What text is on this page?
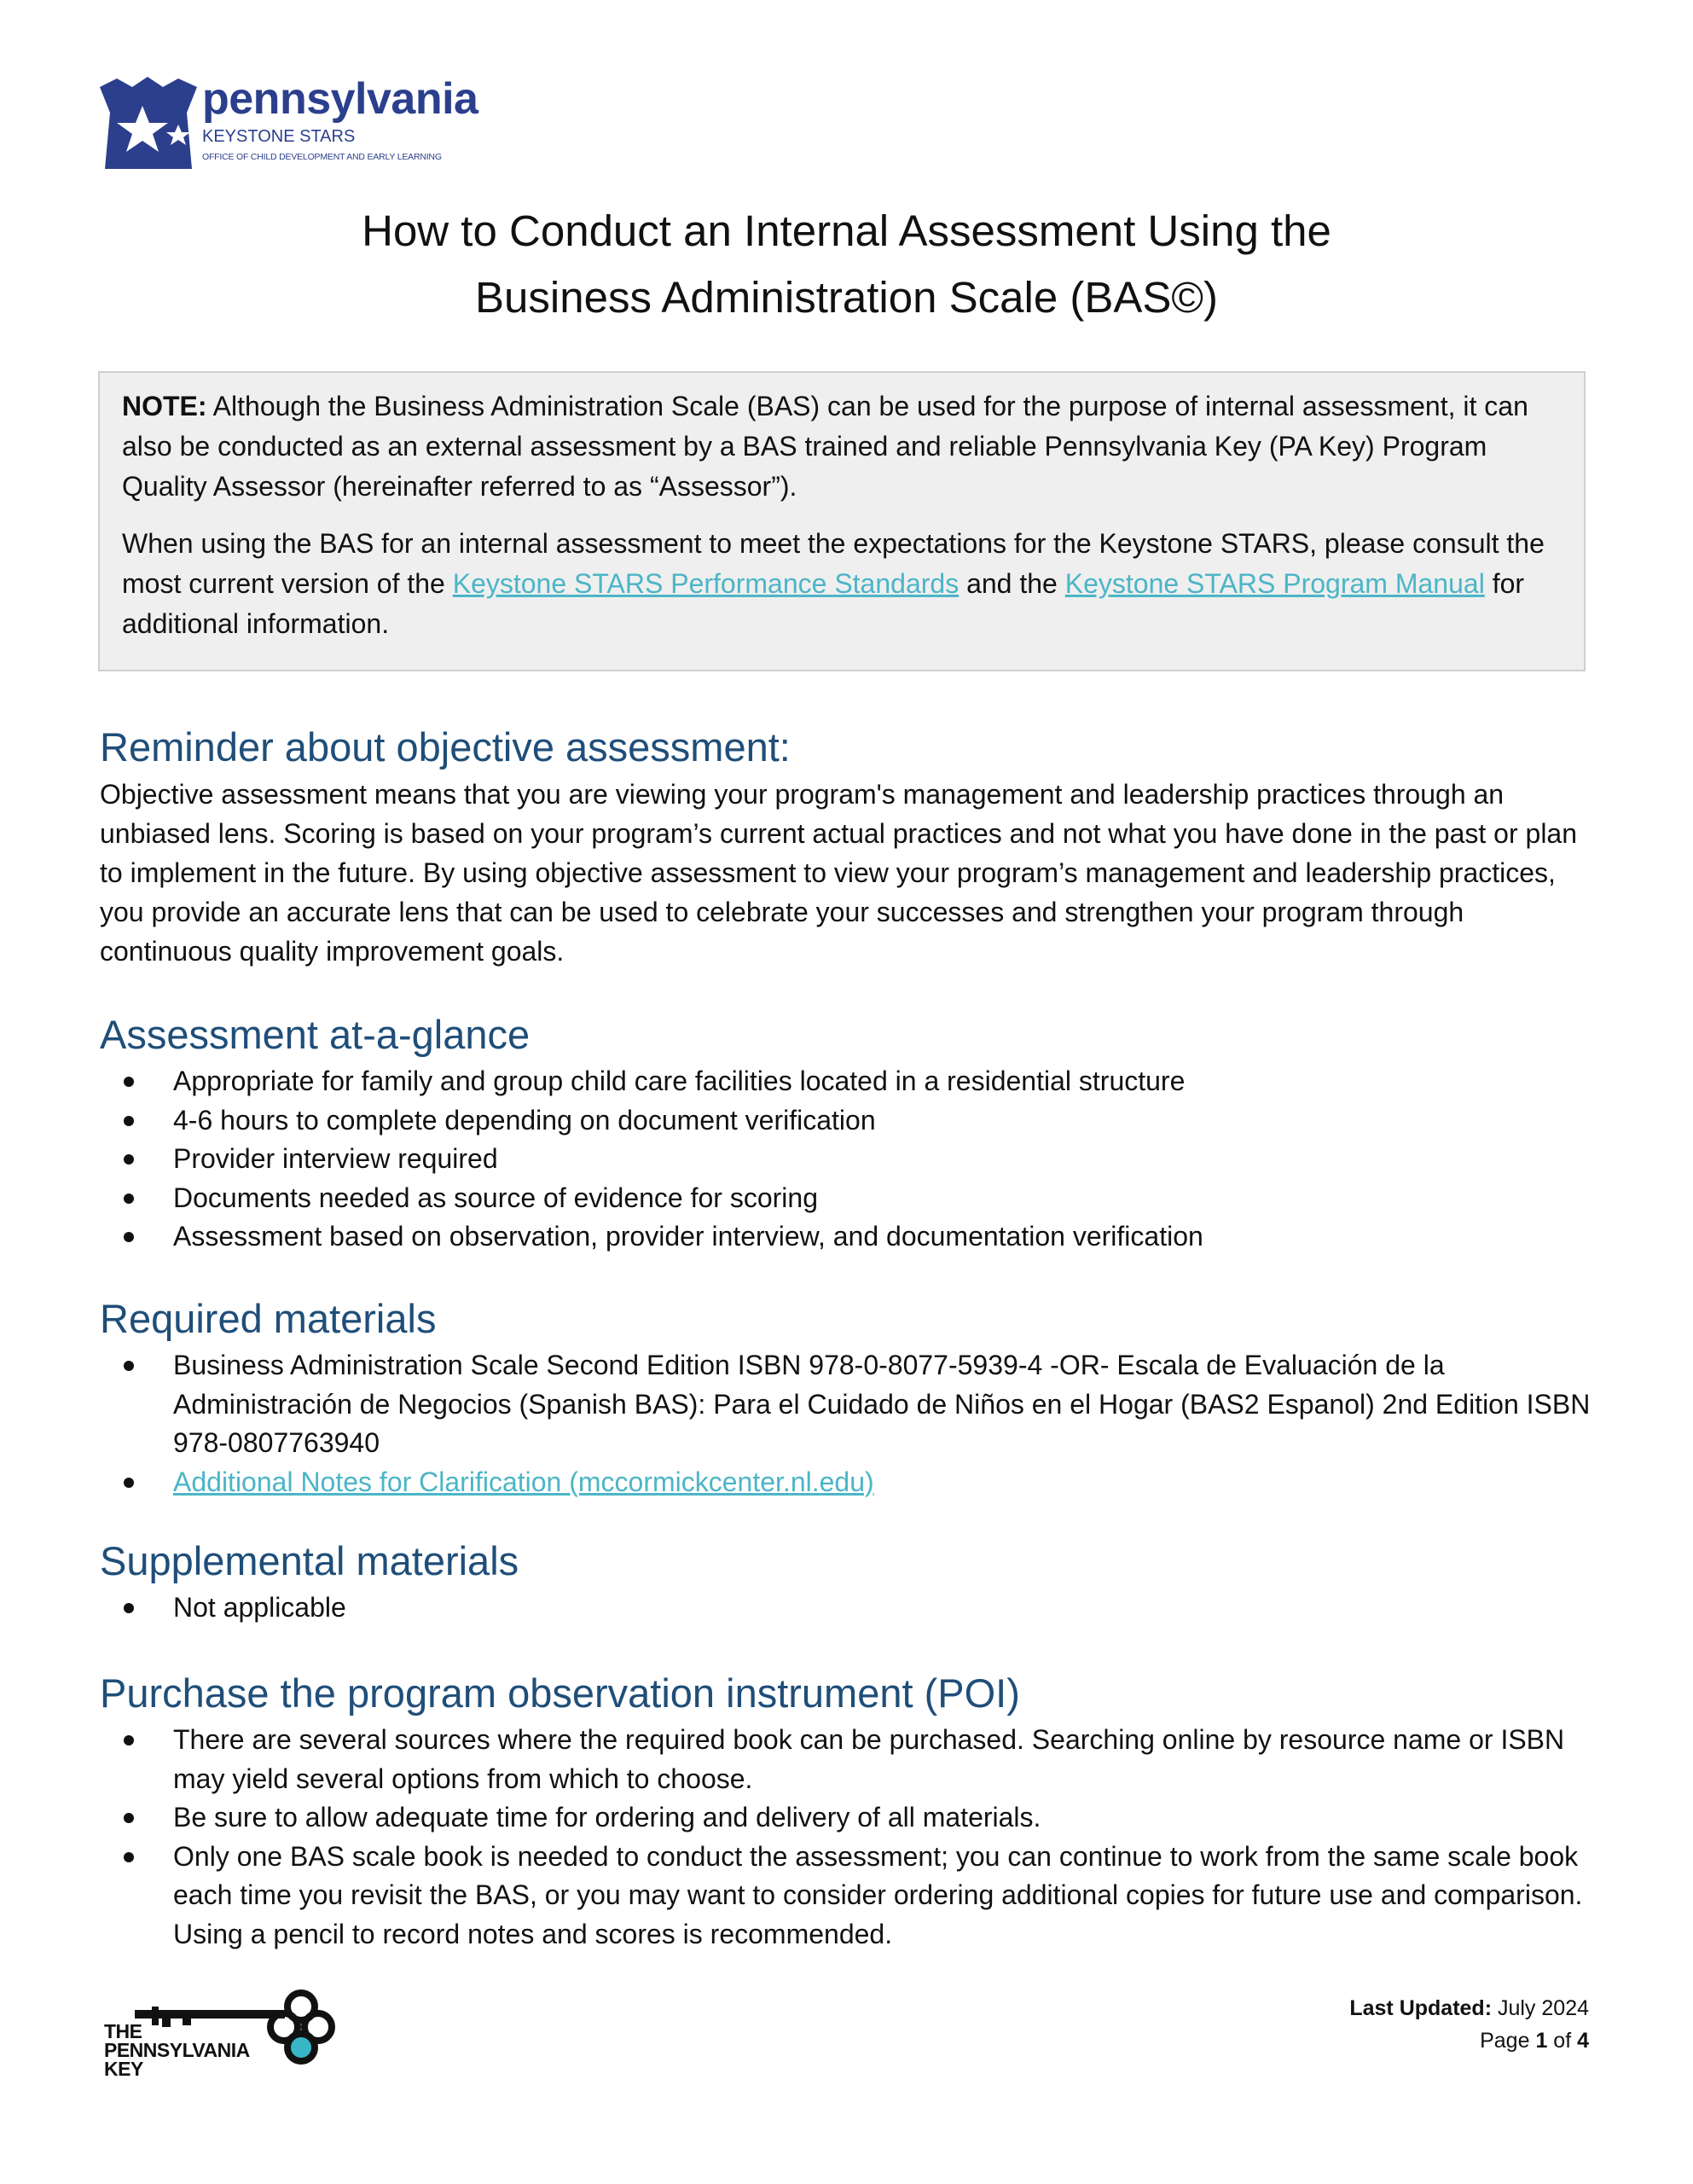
pennsylvania
KEYSTONE STARS
OFFICE OF CHILD DEVELOPMENT AND EARLY LEARNING
How to Conduct an Internal Assessment Using the
Business Administration Scale (BAS©)

NOTE: Although the Business Administration Scale (BAS) can be used for the purpose of internal assessment, it can also be conducted as an external assessment by a BAS trained and reliable Pennsylvania Key (PA Key) Program Quality Assessor (hereinafter referred to as “Assessor”).

When using the BAS for an internal assessment to meet the expectations for the Keystone STARS, please consult the most current version of the Keystone STARS Performance Standards and the Keystone STARS Program Manual for additional information.

Reminder about objective assessment:

Objective assessment means that you are viewing your program's management and leadership practices through an unbiased lens. Scoring is based on your program’s current actual practices and not what you have done in the past or plan to implement in the future. By using objective assessment to view your program’s management and leadership practices, you provide an accurate lens that can be used to celebrate your successes and strengthen your program through continuous quality improvement goals.

Assessment at-a-glance
Appropriate for family and group child care facilities located in a residential structure
4-6 hours to complete depending on document verification
Provider interview required
Documents needed as source of evidence for scoring
Assessment based on observation, provider interview, and documentation verification
Required materials
Business Administration Scale Second Edition ISBN 978-0-8077-5939-4 -OR- Escala de Evaluación de la Administración de Negocios (Spanish BAS): Para el Cuidado de Niños en el Hogar (BAS2 Espanol) 2nd Edition ISBN 978-0807763940
Additional Notes for Clarification (mccormickcenter.nl.edu)
Supplemental materials
Not applicable
Purchase the program observation instrument (POI)
There are several sources where the required book can be purchased. Searching online by resource name or ISBN may yield several options from which to choose.
Be sure to allow adequate time for ordering and delivery of all materials.
Only one BAS scale book is needed to conduct the assessment; you can continue to work from the same scale book each time you revisit the BAS, or you may want to consider ordering additional copies for future use and comparison. Using a pencil to record notes and scores is recommended.
THE
PENNSYLVANIA
KEY
Last Updated: July 2024
Page 1 of 4
